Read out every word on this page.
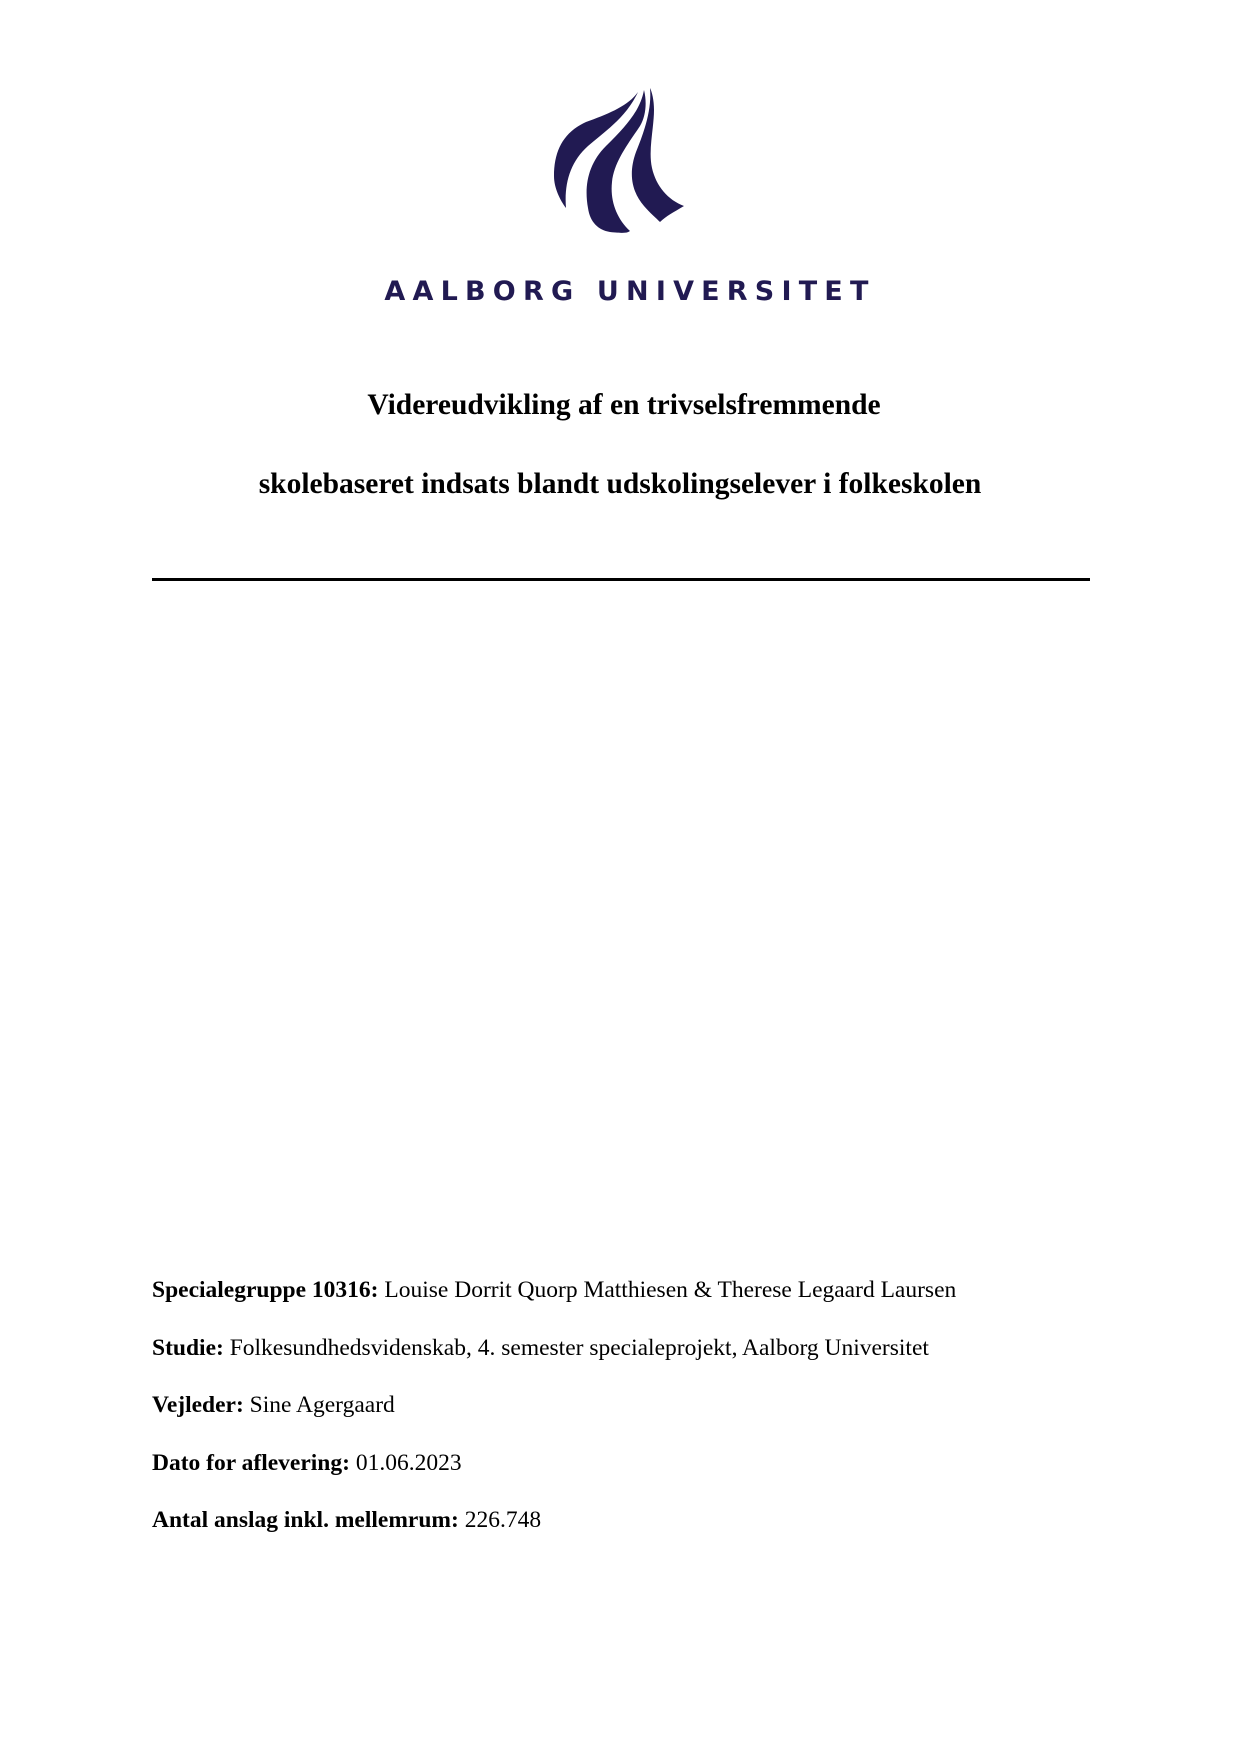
AALBORG UNIVERSITET
Videreudvikling af en trivselsfremmende
skolebaseret indsats blandt udskolingselever i folkeskolen
Specialegruppe 10316: Louise Dorrit Quorp Matthiesen & Therese Legaard Laursen
Studie: Folkesundhedsvidenskab, 4. semester specialeprojekt, Aalborg Universitet
Vejleder: Sine Agergaard
Dato for aflevering: 01.06.2023
Antal anslag inkl. mellemrum: 226.748
